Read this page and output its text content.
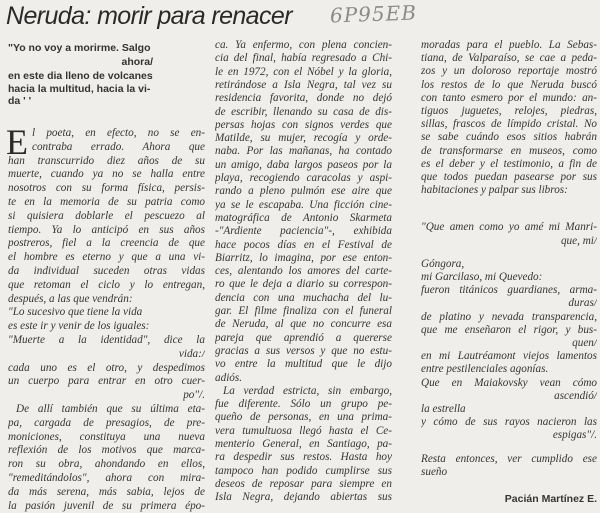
Neruda: morir para renacer 6P95EB
"Yo no voy a morirme. Salgo
ahora/
en este dia lleno de volcanes
hacia la multitud, hacia la vi-
da ' '
E l poeta, en efecto, no se en-
contraba errado. Ahora que
han transcurrido diez años de su
muerte, cuando ya no se halla entre
nosotros con su forma física, persis-
te en la memoria de su patria como
si quisiera doblarle el pescuezo al
tiempo. Ya lo anticipó en sus años
postreros, fiel a la creencia de que
el hombre es eterno y que a una vi-
da individual suceden otras vidas
que retoman el ciclo y lo entregan,
después, a las que vendrán:
"Lo sucesivo que tiene la vida
es este ir y venir de los iguales:
"Muerte a la identidad", dice la
vida:/
cada uno es el otro, y despedimos
un cuerpo para entrar en otro cuer-
po"/.
De allí también que su última eta-
pa, cargada de presagios, de pre-
moniciones, constituya una nueva
reflexión de los motivos que marca-
ron su obra, ahondando en ellos,
"remeditándolos", ahora con mira-
da más serena, más sabia, lejos de
la pasión juvenil de su primera épo-
ca. Ya enfermo, con plena concien-
cia del final, había regresado a Chi-
le en 1972, con el Nóbel y la gloria,
retirándose a Isla Negra, tal vez su
residencia favorita, donde no dejó
de escribir, llenando su casa de dis-
persas hojas con signos verdes que
Matilde, su mujer, recogía y orde-
naba. Por las mañanas, ha contado
un amigo, daba largos paseos por la
playa, recogiendo caracolas y aspi-
rando a pleno pulmón ese aire que
ya se le escapaba. Una ficción cine-
matográfica de Antonio Skarmeta
-"Ardiente paciencia"-, exhibida
hace pocos días en el Festival de
Biarritz, lo imagina, por ese enton-
ces, alentando los amores del carte-
ro que le deja a diario su correspon-
dencia con una muchacha del lu-
gar. El filme finaliza con el funeral
de Neruda, al que no concurre esa
pareja que aprendió a quererse
gracias a sus versos y que no estu-
vo entre la multitud que le dijo
adiós.
La verdad estricta, sin embargo,
fue diferente. Sólo un grupo pe-
queño de personas, en una prima-
vera tumultuosa llegó hasta el Ce-
menterio General, en Santiago, pa-
ra despedir sus restos. Hasta hoy
tampoco han podido cumplirse sus
deseos de reposar para siempre en
Isla Negra, dejando abiertas sus
moradas para el pueblo. La Sebas-
tiana, de Valparaíso, se cae a peda-
zos y un doloroso reportaje mostró
los restos de lo que Neruda buscó
con tanto esmero por el mundo: an-
tiguos juguetes, relojes, piedras,
sillas, frascos de límpido cristal. No
se sabe cuándo esos sitios habrán
de transformarse en museos, como
es el deber y el testimonio, a fin de
que todos puedan pasearse por sus
habitaciones y palpar sus libros:
"Que amen como yo amé mi Manri-
que, mi/
Góngora,
mi Garcilaso, mi Quevedo:
fueron titánicos guardianes, arma-
duras/
de platino y nevada transparencia,
que me enseñaron el rigor, y bus-
quen/
en mi Lautréamont viejos lamentos
entre pestilenciales agonías.
Que en Maiakovsky vean cómo
ascendió/
la estrella
y cómo de sus rayos nacieron las
espigas"/.
Resta entonces, ver cumplido ese
sueño
Pacián Martínez E.
